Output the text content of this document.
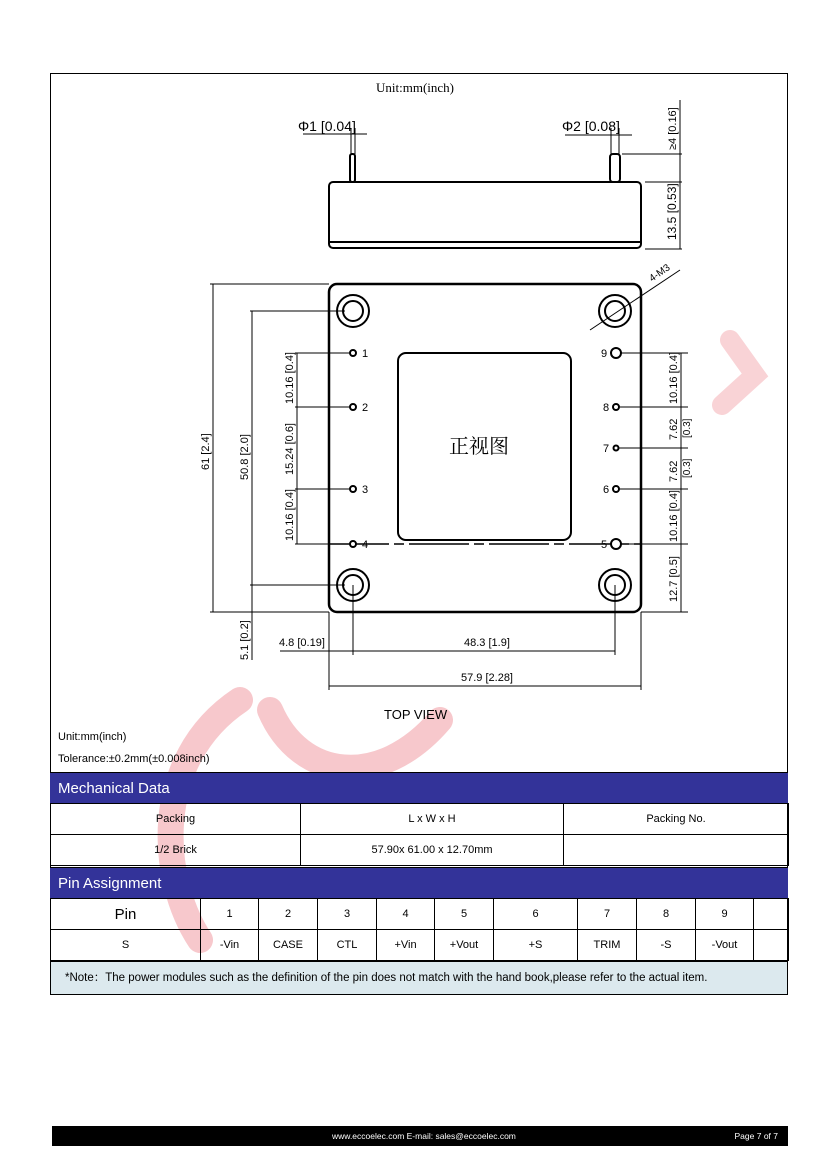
Unit:mm(inch)
Φ1 [0.04]	Φ2 [0.08]	≥4 [0.16]
13.5 [0.53]
4-M3
正视图
1
2
3
4
9
8
7
6
5
61 [2.4] 50.8 [2.0]
10.16 [0.4]
15.24 [0.6]
10.16 [0.4]
5.1 [0.2]
10.16 [0.4]
7.62 [0.3]
7.62 [0.3]
10.16 [0.4]
12.7 [0.5]
4.8 [0.19]	48.3 [1.9]
57.9 [2.28]
TOP VIEW
Unit:mm(inch)
Tolerance:±0.2mm(±0.008inch)
Mechanical Data
Packing	L x W x H	Packing No.
1/2 Brick	57.90x 61.00 x 12.70mm	
Pin Assignment
Pin	1	2	3	4	5	6	7	8	9	
S	-Vin	CASE	CTL	+Vin	+Vout	+S	TRIM	-S	-Vout	
*Note：The power modules such as the definition of the pin does not match with the hand book,please refer to the actual item.
www.eccoelec.com E-mail: sales@eccoelec.com	Page 7 of 7
